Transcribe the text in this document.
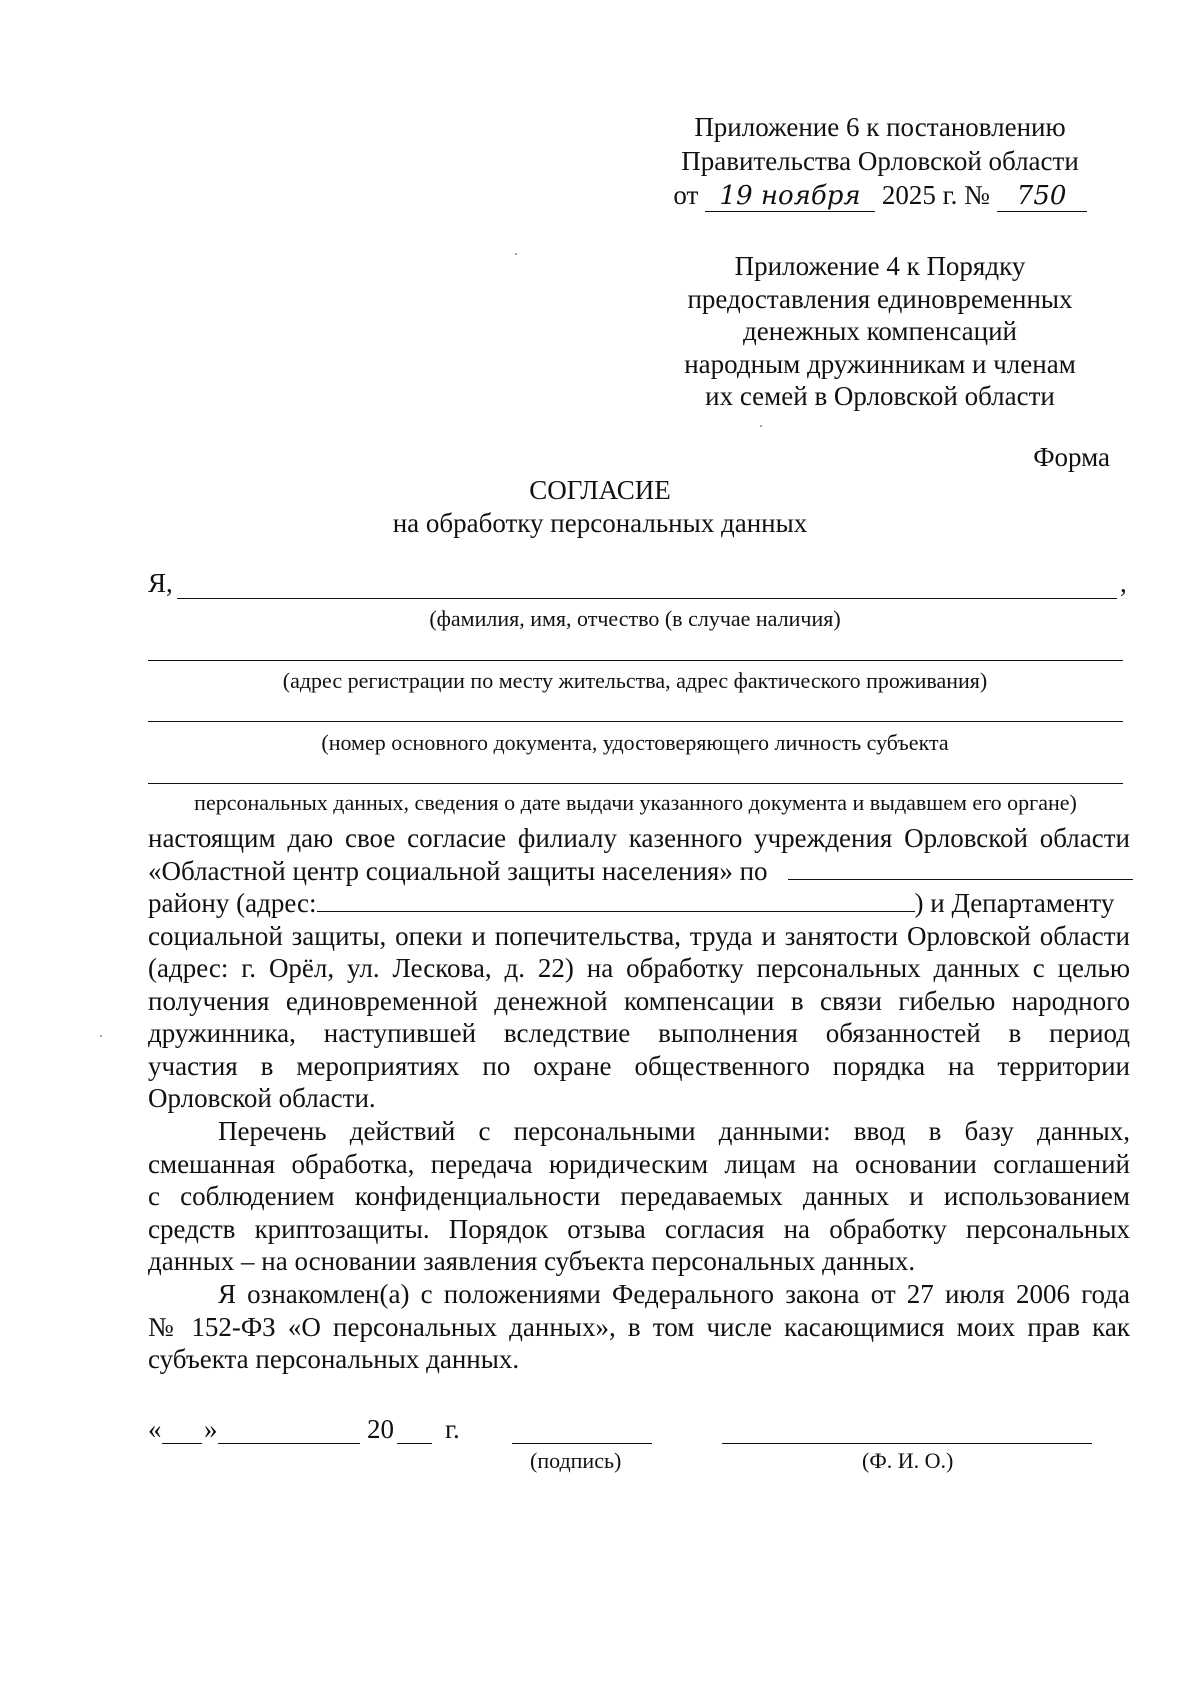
Приложение 6 к постановлению
Правительства Орловской области
от 19 ноября 2025 г. № 750
Приложение 4 к Порядку
предоставления единовременных
денежных компенсаций
народным дружинникам и членам
их семей в Орловской области
Форма
СОГЛАСИЕ
на обработку персональных данных
Я,	,
(фамилия, имя, отчество (в случае наличия)
(адрес регистрации по месту жительства, адрес фактического проживания)
(номер основного документа, удостоверяющего личность субъекта
персональных данных, сведения о дате выдачи указанного документа и выдавшем его органе)
настоящим даю свое согласие филиалу казенного учреждения Орловской области
«Областной центр социальной защиты населения» по
району (адрес:	) и Департаменту
социальной защиты, опеки и попечительства, труда и занятости Орловской области
(адрес: г. Орёл, ул. Лескова, д. 22) на обработку персональных данных с целью
получения единовременной денежной компенсации в связи гибелью народного
дружинника, наступившей вследствие выполнения обязанностей в период
участия в мероприятиях по охране общественного порядка на территории
Орловской области.
Перечень действий с персональными данными: ввод в базу данных,
смешанная обработка, передача юридическим лицам на основании соглашений
с соблюдением конфиденциальности передаваемых данных и использованием
средств криптозащиты. Порядок отзыва согласия на обработку персональных
данных – на основании заявления субъекта персональных данных.
Я ознакомлен(а) с положениями Федерального закона от 27 июля 2006 года
№ 152-ФЗ «О персональных данных», в том числе касающимися моих прав как
субъекта персональных данных.
« »	20 г.
(подпись)	(Ф. И. О.)
